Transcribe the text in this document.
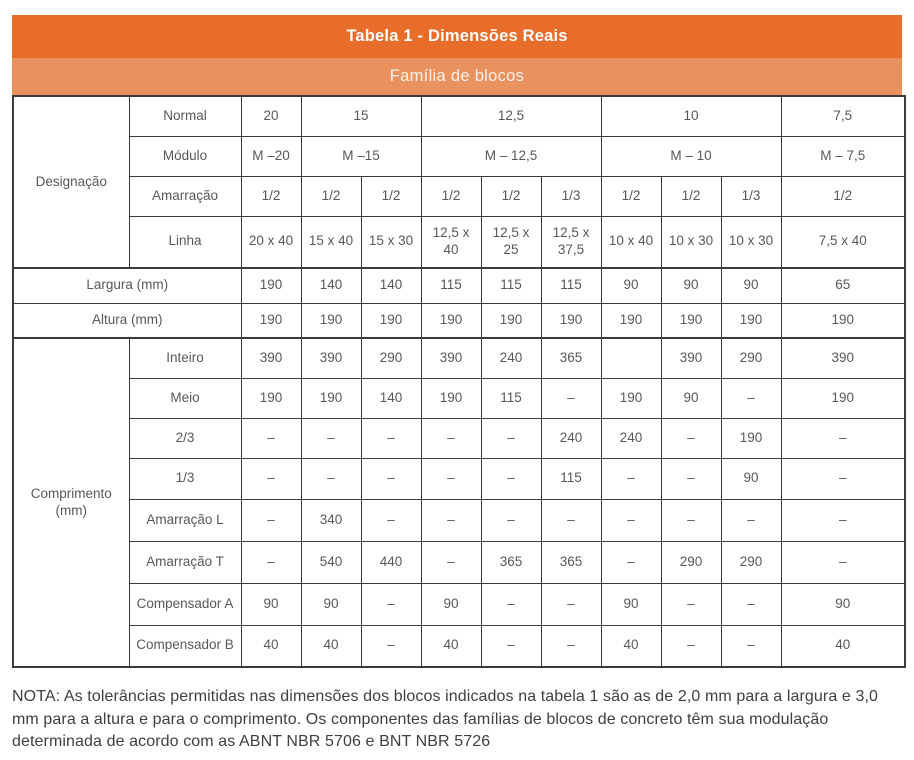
Tabela 1 - Dimensões Reais
Família de blocos
Designação	Normal	20	15		12,5			10			7,5
	Módulo	M –20	M –15		M – 12,5			M – 10			M – 7,5
	Amarração	1/2	1/2	1/2	1/2	1/2	1/3	1/2	1/2	1/3	1/2
	Linha	20 x 40	15 x 40	15 x 30	12,5 x 40	12,5 x 25	12,5 x 37,5	10 x 40	10 x 30	10 x 30	7,5 x 40
Largura (mm)		190	140	140	115	115	115	90	90	90	65
Altura (mm)		190	190	190	190	190	190	190	190	190	190
Comprimento (mm)	Inteiro	390	390	290	390	240	365		390	290	390
	Meio	190	190	140	190	115	–	190	90	–	190
	2/3	–	–	–	–	–	240	240	–	190	–
	1/3	–	–	–	–	–	115	–	–	90	–
	Amarração L	–	340	–	–	–	–	–	–	–	–
	Amarração T	–	540	440	–	365	365	–	290	290	–
	Compensador A	90	90	–	90	–	–	90	–	–	90
	Compensador B	40	40	–	40	–	–	40	–	–	40

NOTA: As tolerâncias permitidas nas dimensões dos blocos indicados na tabela 1 são as de 2,0 mm para a largura e 3,0 mm para a altura e para o comprimento. Os componentes das famílias de blocos de concreto têm sua modulação determinada de acordo com as ABNT NBR 5706 e BNT NBR 5726
